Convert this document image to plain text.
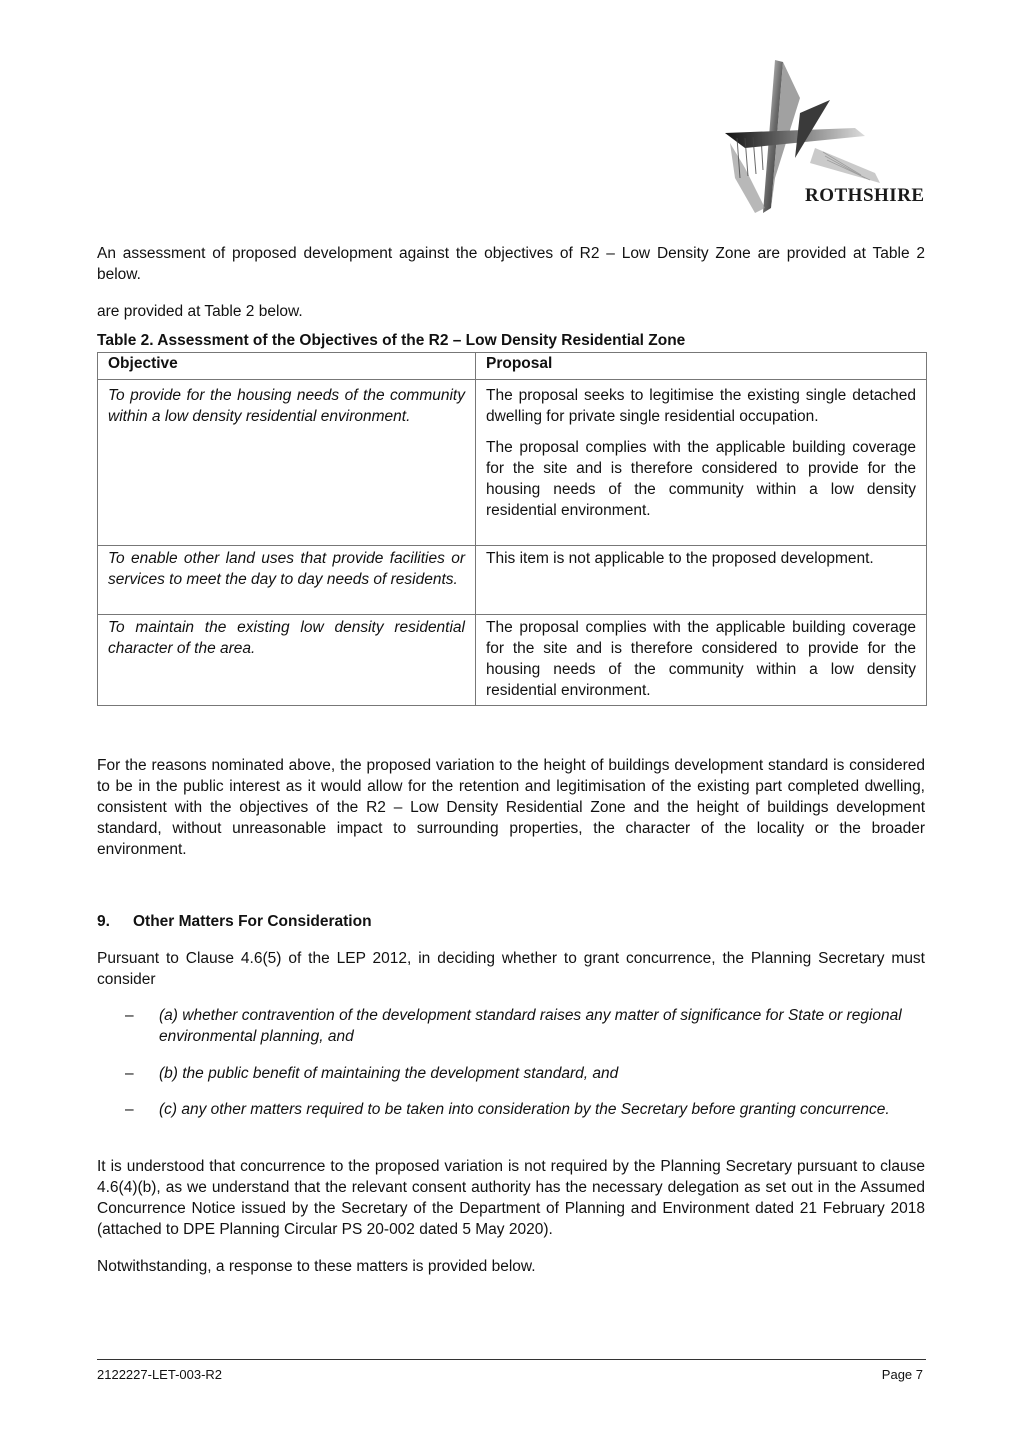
ROTHSHIRE

An assessment of proposed development against the objectives of R2 – Low Density Zone are provided at Table 2 below.

are provided at Table 2 below.

Table 2. Assessment of the Objectives of the R2 – Low Density Residential Zone
Objective	Proposal
To provide for the housing needs of the community within a low density residential environment.	The proposal seeks to legitimise the existing single detached dwelling for private single residential occupation.

The proposal complies with the applicable building coverage for the site and is therefore considered to provide for the housing needs of the community within a low density residential environment.

To enable other land uses that provide facilities or services to meet the day to day needs of residents.	This item is not applicable to the proposed development.

To maintain the existing low density residential character of the area.	The proposal complies with the applicable building coverage for the site and is therefore considered to provide for the housing needs of the community within a low density residential environment.

For the reasons nominated above, the proposed variation to the height of buildings development standard is considered to be in the public interest as it would allow for the retention and legitimisation of the existing part completed dwelling, consistent with the objectives of the R2 – Low Density Residential Zone and the height of buildings development standard, without unreasonable impact to surrounding properties, the character of the locality or the broader environment.

9. Other Matters For Consideration

Pursuant to Clause 4.6(5) of the LEP 2012, in deciding whether to grant concurrence, the Planning Secretary must consider

– (a) whether contravention of the development standard raises any matter of significance for State or regional environmental planning, and
– (b) the public benefit of maintaining the development standard, and
– (c) any other matters required to be taken into consideration by the Secretary before granting concurrence.

It is understood that concurrence to the proposed variation is not required by the Planning Secretary pursuant to clause 4.6(4)(b), as we understand that the relevant consent authority has the necessary delegation as set out in the Assumed Concurrence Notice issued by the Secretary of the Department of Planning and Environment dated 21 February 2018 (attached to DPE Planning Circular PS 20-002 dated 5 May 2020).

Notwithstanding, a response to these matters is provided below.

2122227-LET-003-R2	Page 7
